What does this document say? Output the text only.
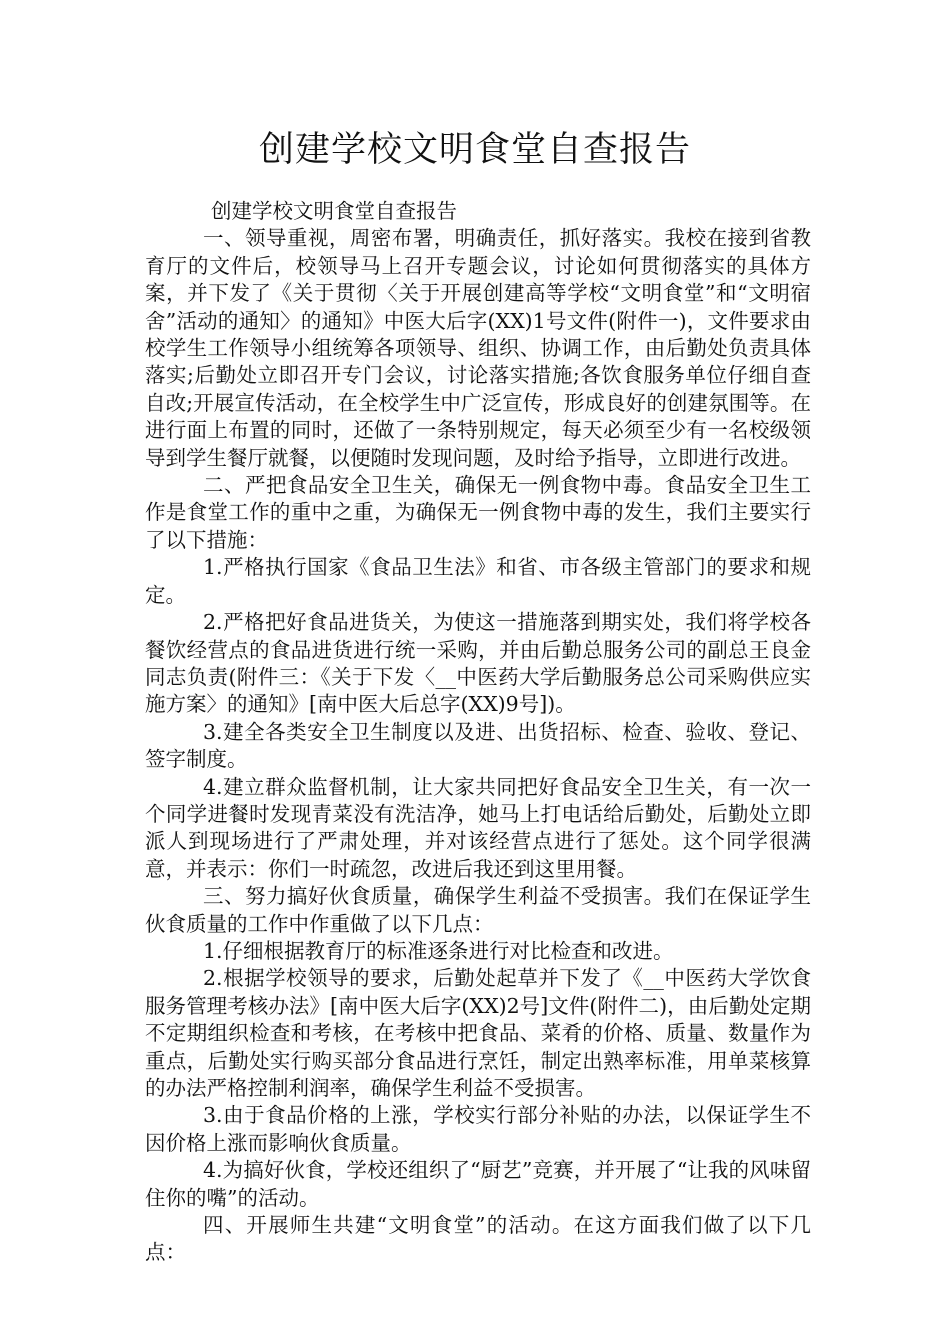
创建学校文明食堂自查报告

创建学校文明食堂自查报告

一、领导重视，周密布署，明确责任，抓好落实。我校在接到省教育厅的文件后，校领导马上召开专题会议，讨论如何贯彻落实的具体方案，并下发了《关于贯彻〈关于开展创建高等学校“文明食堂”和“文明宿舍”活动的通知〉的通知》中医大后字(XX)1号文件(附件一)，文件要求由校学生工作领导小组统筹各项领导、组织、协调工作，由后勤处负责具体落实;后勤处立即召开专门会议，讨论落实措施;各饮食服务单位仔细自查自改;开展宣传活动，在全校学生中广泛宣传，形成良好的创建氛围等。在进行面上布置的同时，还做了一条特别规定，每天必须至少有一名校级领导到学生餐厅就餐，以便随时发现问题，及时给予指导，立即进行改进。

二、严把食品安全卫生关，确保无一例食物中毒。食品安全卫生工作是食堂工作的重中之重，为确保无一例食物中毒的发生，我们主要实行了以下措施：

1.严格执行国家《食品卫生法》和省、市各级主管部门的要求和规定。

2.严格把好食品进货关，为使这一措施落到期实处，我们将学校各餐饮经营点的食品进货进行统一采购，并由后勤总服务公司的副总王良金同志负责(附件三：《关于下发〈__中医药大学后勤服务总公司采购供应实施方案〉的通知》[南中医大后总字(XX)9号])。

3.建全各类安全卫生制度以及进、出货招标、检查、验收、登记、签字制度。

4.建立群众监督机制，让大家共同把好食品安全卫生关，有一次一个同学进餐时发现青菜没有洗洁净，她马上打电话给后勤处，后勤处立即派人到现场进行了严肃处理，并对该经营点进行了惩处。这个同学很满意，并表示：你们一时疏忽，改进后我还到这里用餐。

三、努力搞好伙食质量，确保学生利益不受损害。我们在保证学生伙食质量的工作中作重做了以下几点：

1.仔细根据教育厅的标准逐条进行对比检查和改进。

2.根据学校领导的要求，后勤处起草并下发了《__中医药大学饮食服务管理考核办法》[南中医大后字(XX)2号]文件(附件二)，由后勤处定期不定期组织检查和考核，在考核中把食品、菜肴的价格、质量、数量作为重点，后勤处实行购买部分食品进行烹饪，制定出熟率标准，用单菜核算的办法严格控制利润率，确保学生利益不受损害。

3.由于食品价格的上涨，学校实行部分补贴的办法，以保证学生不因价格上涨而影响伙食质量。

4.为搞好伙食，学校还组织了“厨艺”竞赛，并开展了“让我的风味留住你的嘴”的活动。

四、开展师生共建“文明食堂”的活动。在这方面我们做了以下几点：
